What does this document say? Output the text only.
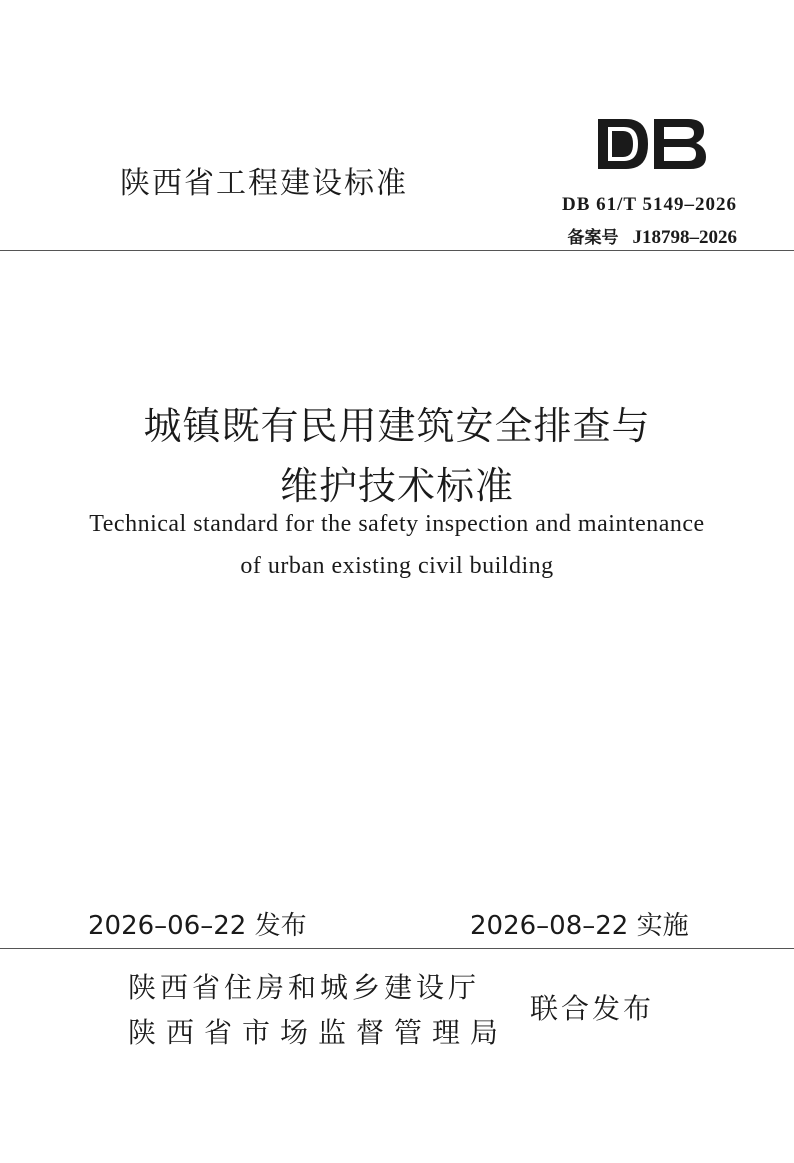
陕西省工程建设标准
DB 61/T 5149–2026
备案号 J18798–2026
城镇既有民用建筑安全排查与
维护技术标准
Technical standard for the safety inspection and maintenance
of urban existing civil building
2026–06–22 发布	2026–08–22 实施
陕西省住房和城乡建设厅
陕西省市场监督管理局
联合发布
